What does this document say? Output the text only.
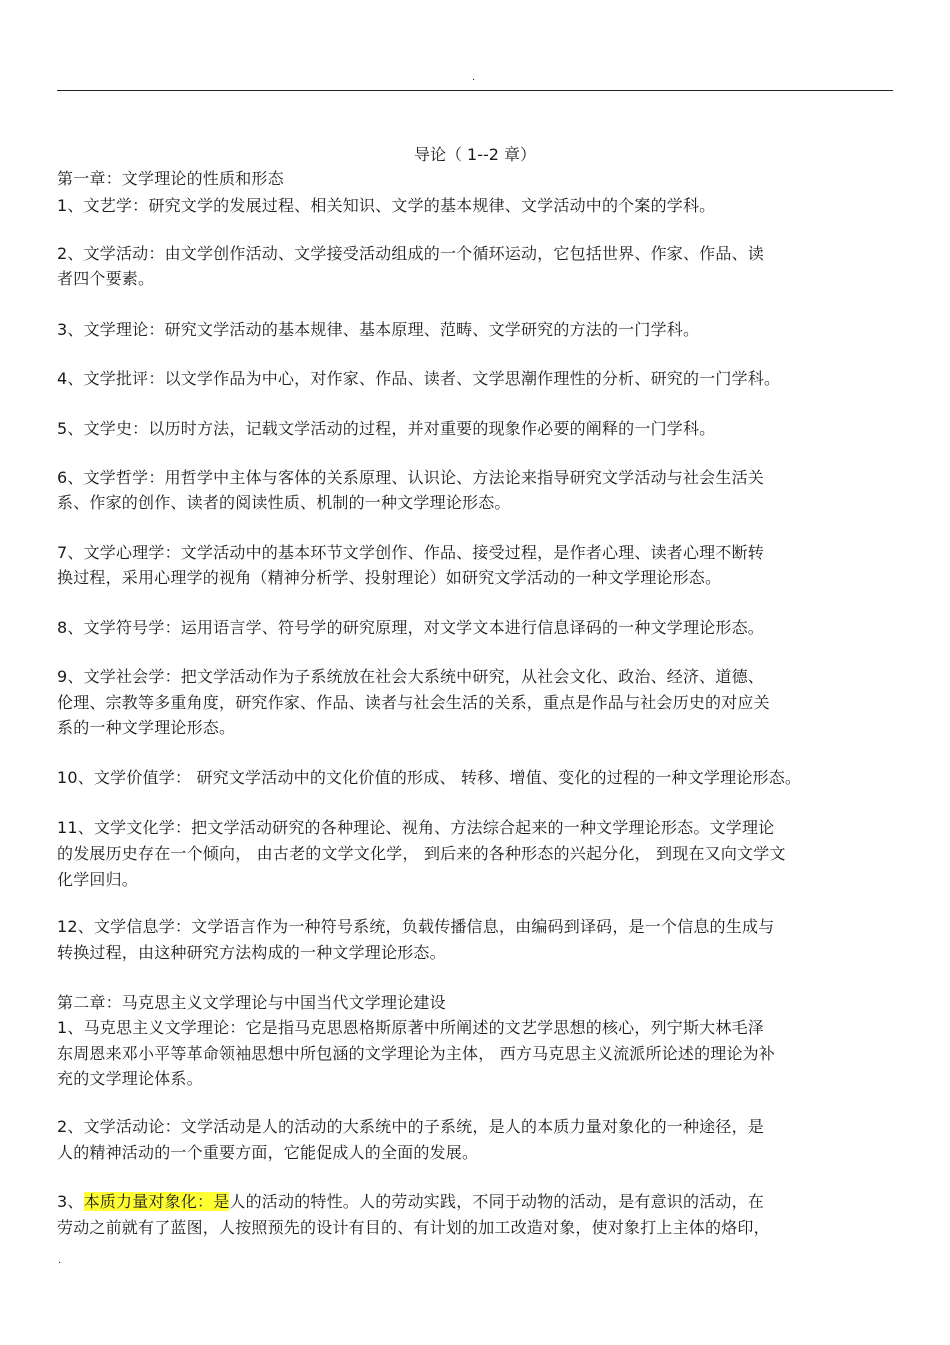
.
导论（ 1--2 章）
第一章：文学理论的性质和形态
1、文艺学：研究文学的发展过程、相关知识、文学的基本规律、文学活动中的个案的学科。
2、文学活动：由文学创作活动、文学接受活动组成的一个循环运动，它包括世界、作家、作品、读
者四个要素。
3、文学理论：研究文学活动的基本规律、基本原理、范畴、文学研究的方法的一门学科。
4、文学批评：以文学作品为中心，对作家、作品、读者、文学思潮作理性的分析、研究的一门学科。
5、文学史：以历时方法，记载文学活动的过程，并对重要的现象作必要的阐释的一门学科。
6、文学哲学：用哲学中主体与客体的关系原理、认识论、方法论来指导研究文学活动与社会生活关
系、作家的创作、读者的阅读性质、机制的一种文学理论形态。
7、文学心理学：文学活动中的基本环节文学创作、作品、接受过程，是作者心理、读者心理不断转
换过程，采用心理学的视角（精神分析学、投射理论）如研究文学活动的一种文学理论形态。
8、文学符号学：运用语言学、符号学的研究原理，对文学文本进行信息译码的一种文学理论形态。
9、文学社会学：把文学活动作为子系统放在社会大系统中研究，从社会文化、政治、经济、道德、
伦理、宗教等多重角度，研究作家、作品、读者与社会生活的关系，重点是作品与社会历史的对应关
系的一种文学理论形态。
10、文学价值学： 研究文学活动中的文化价值的形成、 转移、增值、变化的过程的一种文学理论形态。
11、文学文化学：把文学活动研究的各种理论、视角、方法综合起来的一种文学理论形态。文学理论
的发展历史存在一个倾向， 由古老的文学文化学， 到后来的各种形态的兴起分化， 到现在又向文学文
化学回归。
12、文学信息学：文学语言作为一种符号系统，负载传播信息，由编码到译码，是一个信息的生成与
转换过程，由这种研究方法构成的一种文学理论形态。
第二章：马克思主义文学理论与中国当代文学理论建设
1、马克思主义文学理论：它是指马克思恩格斯原著中所阐述的文艺学思想的核心，列宁斯大林毛泽
东周恩来邓小平等革命领袖思想中所包涵的文学理论为主体， 西方马克思主义流派所论述的理论为补
充的文学理论体系。
2、文学活动论：文学活动是人的活动的大系统中的子系统，是人的本质力量对象化的一种途径，是
人的精神活动的一个重要方面，它能促成人的全面的发展。
3、本质力量对象化：是人的活动的特性。人的劳动实践，不同于动物的活动，是有意识的活动，在
劳动之前就有了蓝图，人按照预先的设计有目的、有计划的加工改造对象，使对象打上主体的烙印，
.
